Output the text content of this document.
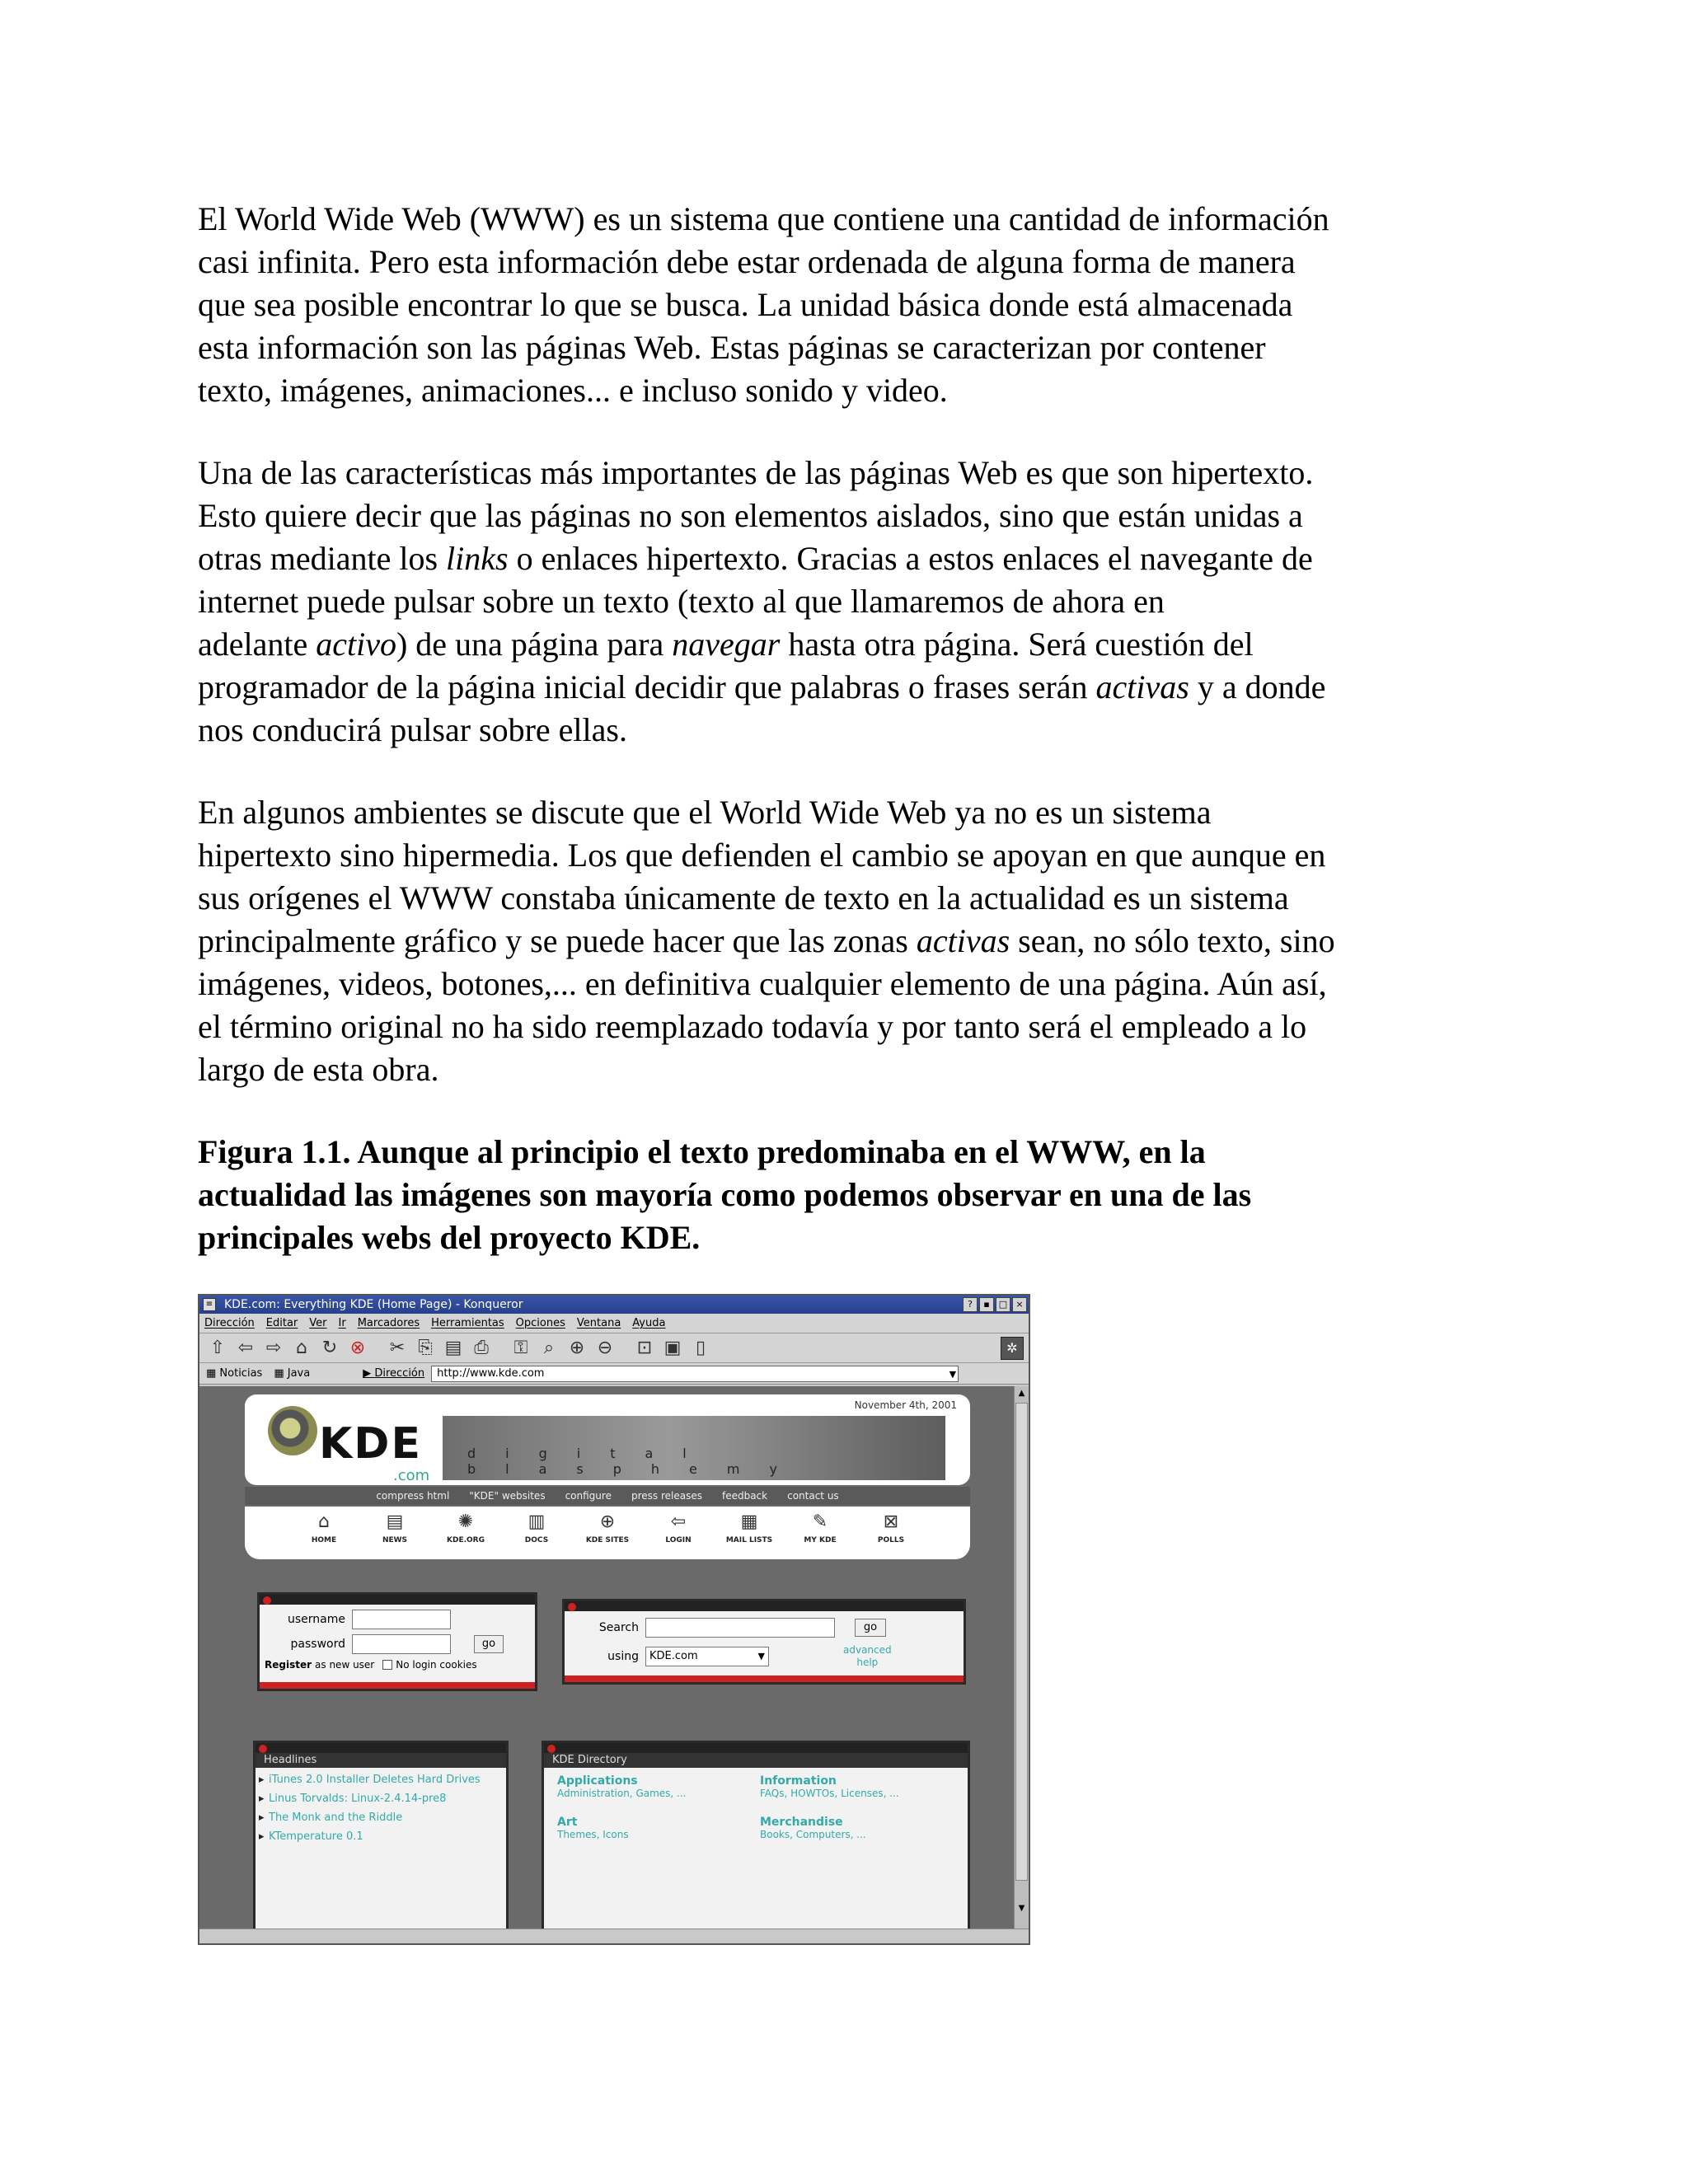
El World Wide Web (WWW) es un sistema que contiene una cantidad de información
casi infinita. Pero esta información debe estar ordenada de alguna forma de manera
que sea posible encontrar lo que se busca. La unidad básica donde está almacenada
esta información son las páginas Web. Estas páginas se caracterizan por contener
texto, imágenes, animaciones... e incluso sonido y video.

Una de las características más importantes de las páginas Web es que son hipertexto.
Esto quiere decir que las páginas no son elementos aislados, sino que están unidas a
otras mediante los links o enlaces hipertexto. Gracias a estos enlaces el navegante de
internet puede pulsar sobre un texto (texto al que llamaremos de ahora en
adelante activo) de una página para navegar hasta otra página. Será cuestión del
programador de la página inicial decidir que palabras o frases serán activas y a donde
nos conducirá pulsar sobre ellas.

En algunos ambientes se discute que el World Wide Web ya no es un sistema
hipertexto sino hipermedia. Los que defienden el cambio se apoyan en que aunque en
sus orígenes el WWW constaba únicamente de texto en la actualidad es un sistema
principalmente gráfico y se puede hacer que las zonas activas sean, no sólo texto, sino
imágenes, videos, botones,... en definitiva cualquier elemento de una página. Aún así,
el término original no ha sido reemplazado todavía y por tanto será el empleado a lo
largo de esta obra.

Figura 1.1. Aunque al principio el texto predominaba en el WWW, en la
actualidad las imágenes son mayoría como podemos observar en una de las
principales webs del proyecto KDE.

≡ KDE.com: Everything KDE (Home Page) - Konqueror	?	▪	□ ×
Dirección Editar Ver Ir Marcadores Herramientas Opciones Ventana Ayuda
⇧ ⇦ ⇨ ⌂ ↻ ⊗ ✂ ⎘ ▤ ⎙ ⚿ ⌕ ⊕ ⊖ ⊡ ▣ ▯	✲
▦ Noticias ▦ Java	▶ Dirección	http://www.kde.com	▼
November 4th, 2001
KDE
.com
digital blasphemy
compress html "KDE" websites configure press releases feedback contact us
⌂
HOME
▤
NEWS
✺
KDE.ORG
▥
DOCS
⊕
KDE SITES
⇦
LOGIN
▦
MAIL LISTS
✎
MY KDE
⊠
POLLS
username
password	go
Register as new user No login cookies
Search	go
using	KDE.com	▼
advanced
help
Headlines
▸ iTunes 2.0 Installer Deletes Hard Drives
▸ Linus Torvalds: Linux-2.4.14-pre8
▸ The Monk and the Riddle
▸ KTemperature 0.1
KDE Directory
Applications
Administration, Games, ...
Information
FAQs, HOWTOs, Licenses, ...
Art
Themes, Icons
Merchandise
Books, Computers, ...
▲
▼
